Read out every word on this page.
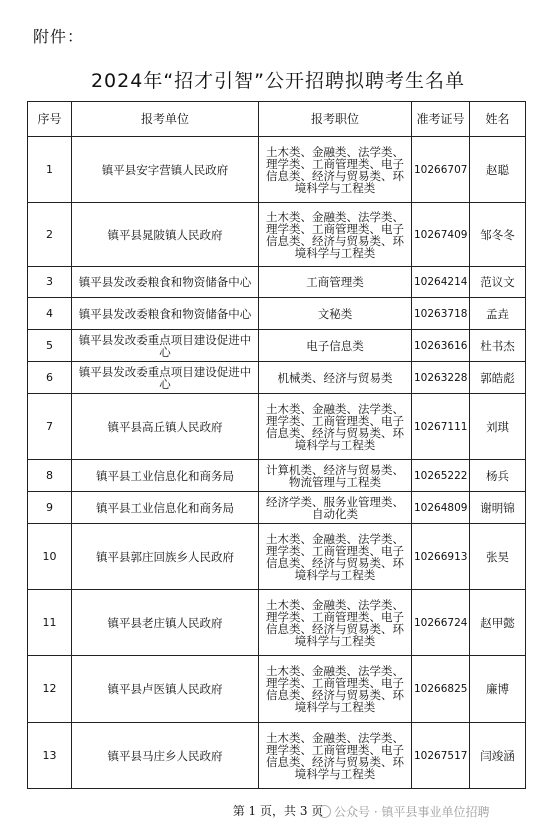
附件：
2024年“招才引智”公开招聘拟聘考生名单
序号	报考单位	报考职位	准考证号	姓名
1	镇平县安字营镇人民政府	土木类、金融类、法学类、理学类、工商管理类、电子信息类、经济与贸易类、环境科学与工程类	10266707	赵聪
2	镇平县晁陂镇人民政府	土木类、金融类、法学类、理学类、工商管理类、电子信息类、经济与贸易类、环境科学与工程类	10267409	邹冬冬
3	镇平县发改委粮食和物资储备中心	工商管理类	10264214	范议文
4	镇平县发改委粮食和物资储备中心	文秘类	10263718	孟垚
5	镇平县发改委重点项目建设促进中心	电子信息类	10263616	杜书杰
6	镇平县发改委重点项目建设促进中心	机械类、经济与贸易类	10263228	郭皓彪
7	镇平县高丘镇人民政府	土木类、金融类、法学类、理学类、工商管理类、电子信息类、经济与贸易类、环境科学与工程类	10267111	刘琪
8	镇平县工业信息化和商务局	计算机类、经济与贸易类、物流管理与工程类	10265222	杨兵
9	镇平县工业信息化和商务局	经济学类、服务业管理类、自动化类	10264809	谢明锦
10	镇平县郭庄回族乡人民政府	土木类、金融类、法学类、理学类、工商管理类、电子信息类、经济与贸易类、环境科学与工程类	10266913	张昊
11	镇平县老庄镇人民政府	土木类、金融类、法学类、理学类、工商管理类、电子信息类、经济与贸易类、环境科学与工程类	10266724	赵甲懿
12	镇平县卢医镇人民政府	土木类、金融类、法学类、理学类、工商管理类、电子信息类、经济与贸易类、环境科学与工程类	10266825	廉博
13	镇平县马庄乡人民政府	土木类、金融类、法学类、理学类、工商管理类、电子信息类、经济与贸易类、环境科学与工程类	10267517	闫竣涵
第 1 页，共 3 页 公众号 · 镇平县事业单位招聘
